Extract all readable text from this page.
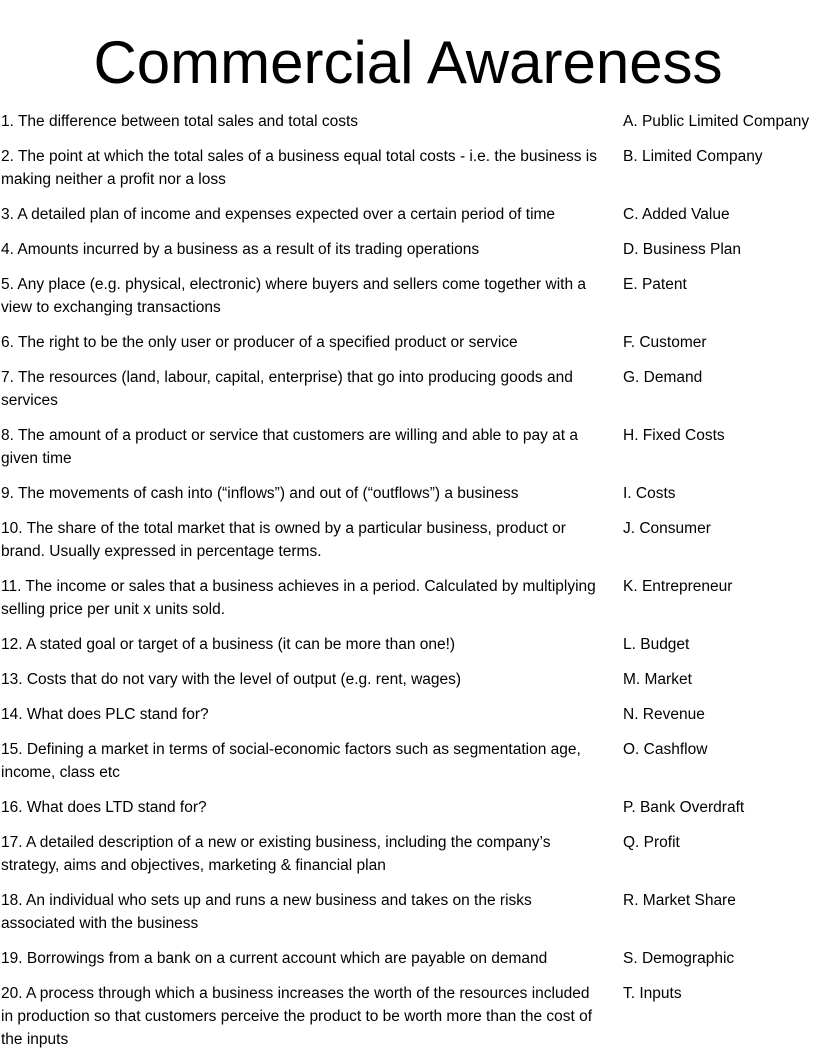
Commercial Awareness
1. The difference between total sales and total costs	A. Public Limited Company
2. The point at which the total sales of a business equal total costs - i.e. the business is making neither a profit nor a loss
B. Limited Company
3. A detailed plan of income and expenses expected over a certain period of time	C. Added Value
4. Amounts incurred by a business as a result of its trading operations	D. Business Plan
5. Any place (e.g. physical, electronic) where buyers and sellers come together with a view to exchanging transactions
E. Patent
6. The right to be the only user or producer of a specified product or service	F. Customer
7. The resources (land, labour, capital, enterprise) that go into producing goods and services
G. Demand
8. The amount of a product or service that customers are willing and able to pay at a given time
H. Fixed Costs
9. The movements of cash into (“inflows”) and out of (“outflows”) a business	I. Costs
10. The share of the total market that is owned by a particular business, product or brand. Usually expressed in percentage terms.
J. Consumer
11. The income or sales that a business achieves in a period. Calculated by multiplying selling price per unit x units sold.
K. Entrepreneur
12. A stated goal or target of a business (it can be more than one!)	L. Budget
13. Costs that do not vary with the level of output (e.g. rent, wages)	M. Market
14. What does PLC stand for?	N. Revenue
15. Defining a market in terms of social-economic factors such as segmentation age, income, class etc
O. Cashflow
16. What does LTD stand for?	P. Bank Overdraft
17. A detailed description of a new or existing business, including the company’s strategy, aims and objectives, marketing & financial plan
Q. Profit
18. An individual who sets up and runs a new business and takes on the risks associated with the business
R. Market Share
19. Borrowings from a bank on a current account which are payable on demand	S. Demographic
20. A process through which a business increases the worth of the resources included in production so that customers perceive the product to be worth more than the cost of the inputs
T. Inputs
